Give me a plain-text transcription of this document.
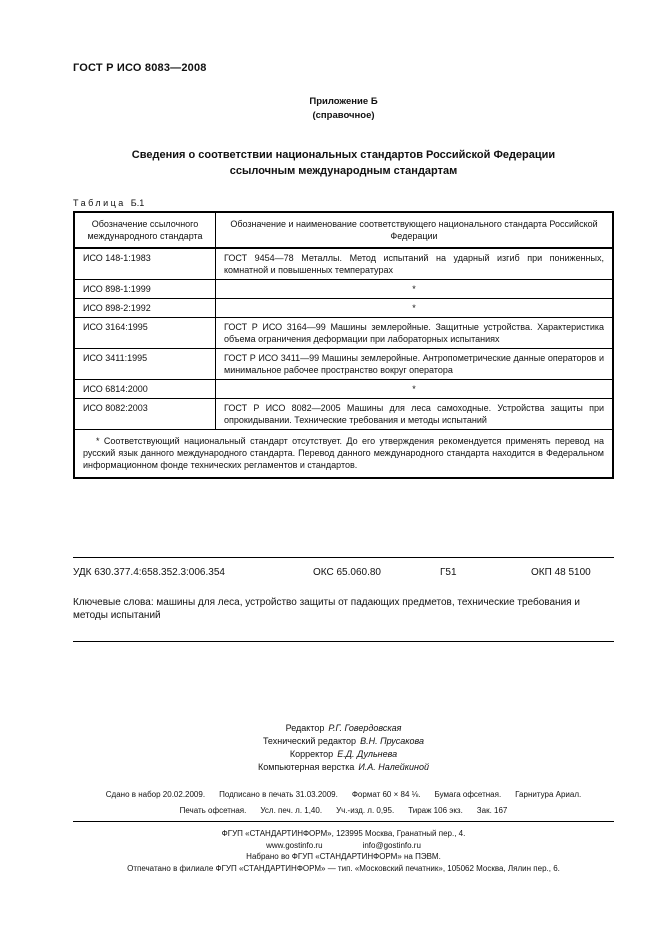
ГОСТ Р ИСО 8083—2008
Приложение Б
(справочное)
Сведения о соответствии национальных стандартов Российской Федерации
ссылочным международным стандартам
Таблица Б.1
Обозначение ссылочного международного стандарта	Обозначение и наименование соответствующего национального стандарта Российской Федерации
ИСО 148-1:1983	ГОСТ 9454—78 Металлы. Метод испытаний на ударный изгиб при пониженных, комнатной и повышенных температурах
ИСО 898-1:1999	*
ИСО 898-2:1992	*
ИСО 3164:1995	ГОСТ Р ИСО 3164—99 Машины землеройные. Защитные устройства. Характеристика объема ограничения деформации при лабораторных испытаниях
ИСО 3411:1995	ГОСТ Р ИСО 3411—99 Машины землеройные. Антропометрические данные операторов и минимальное рабочее пространство вокруг оператора
ИСО 6814:2000	*
ИСО 8082:2003	ГОСТ Р ИСО 8082—2005 Машины для леса самоходные. Устройства защиты при опрокидывании. Технические требования и методы испытаний
* Соответствующий национальный стандарт отсутствует. До его утверждения рекомендуется применять перевод на русский язык данного международного стандарта. Перевод данного международного стандарта находится в Федеральном информационном фонде технических регламентов и стандартов.	
УДК 630.377.4:658.352.3:006.354	ОКС 65.060.80	Г51	ОКП 48 5100
Ключевые слова: машины для леса, устройство защиты от падающих предметов, технические требования и методы испытаний
Редактор Р.Г. Говердовская
Технический редактор В.Н. Прусакова
Корректор Е.Д. Дульнева
Компьютерная верстка И.А. Налейкиной
Сдано в набор 20.02.2009. Подписано в печать 31.03.2009. Формат 60 × 84 ⅛. Бумага офсетная. Гарнитура Ариал.
Печать офсетная. Усл. печ. л. 1,40. Уч.-изд. л. 0,95. Тираж 106 экз. Зак. 167
ФГУП «СТАНДАРТИНФОРМ», 123995 Москва, Гранатный пер., 4.
www.gostinfo.ru	info@gostinfo.ru
Набрано во ФГУП «СТАНДАРТИНФОРМ» на ПЭВМ.
Отпечатано в филиале ФГУП «СТАНДАРТИНФОРМ» — тип. «Московский печатник», 105062 Москва, Лялин пер., 6.
